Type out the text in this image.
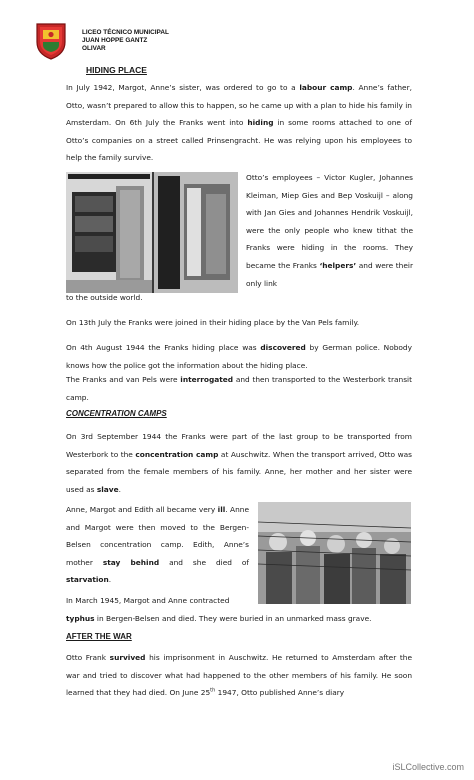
LICEO TÉCNICO MUNICIPAL
JUAN HOPPE GANTZ
OLIVAR
HIDING PLACE

In July 1942, Margot, Anne’s sister, was ordered to go to a labour camp. Anne’s father, Otto, wasn’t prepared to allow this to happen, so he came up with a plan to hide his family in Amsterdam. On 6th July the Franks went into hiding in some rooms attached to one of Otto’s companies on a street called Prinsengracht. He was relying upon his employees to help the family survive.

Otto’s employees – Victor Kugler, Johannes Kleiman, Miep Gies and Bep Voskuijl – along with Jan Gies and Johannes Hendrik Voskuijl, were the only people who knew tithat the Franks were hiding in the rooms. They became the Franks ‘helpers’ and were their only link

to the outside world.

On 13th July the Franks were joined in their hiding place by the Van Pels family.

On 4th August 1944 the Franks hiding place was discovered by German police. Nobody knows how the police got the information about the hiding place.

The Franks and van Pels were interrogated and then transported to the Westerbork transit camp.

CONCENTRATION CAMPS

On 3rd September 1944 the Franks were part of the last group to be transported from Westerbork to the concentration camp at Auschwitz. When the transport arrived, Otto was separated from the female members of his family. Anne, her mother and her sister were used as slave.

Anne, Margot and Edith all became very ill. Anne and Margot were then moved to the Bergen-Belsen concentration camp. Edith, Anne’s mother stay behind and she died of starvation.

In March 1945, Margot and Anne contracted

typhus in Bergen-Belsen and died. They were buried in an unmarked mass grave.

AFTER THE WAR

Otto Frank survived his imprisonment in Auschwitz. He returned to Amsterdam after the war and tried to discover what had happened to the other members of his family. He soon learned that they had died. On June 25th 1947, Otto published Anne’s diary

iSLCollective.com
